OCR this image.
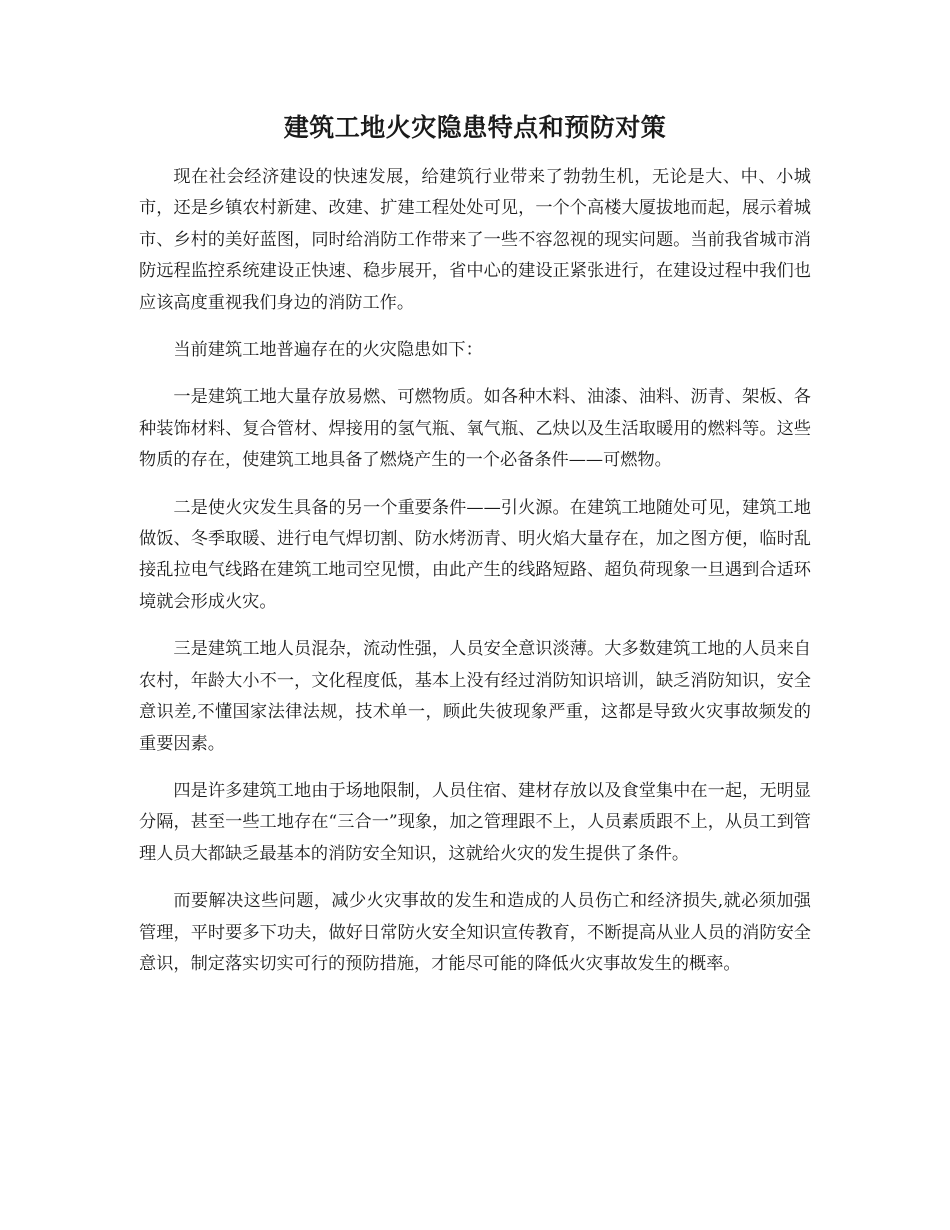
建筑工地火灾隐患特点和预防对策

现在社会经济建设的快速发展，给建筑行业带来了勃勃生机，无论是大、中、小城市，还是乡镇农村新建、改建、扩建工程处处可见，一个个高楼大厦拔地而起，展示着城市、乡村的美好蓝图，同时给消防工作带来了一些不容忽视的现实问题。当前我省城市消防远程监控系统建设正快速、稳步展开，省中心的建设正紧张进行，在建设过程中我们也应该高度重视我们身边的消防工作。

当前建筑工地普遍存在的火灾隐患如下：

一是建筑工地大量存放易燃、可燃物质。如各种木料、油漆、油料、沥青、架板、各种装饰材料、复合管材、焊接用的氢气瓶、氧气瓶、乙炔以及生活取暖用的燃料等。这些物质的存在，使建筑工地具备了燃烧产生的一个必备条件——可燃物。

二是使火灾发生具备的另一个重要条件——引火源。在建筑工地随处可见，建筑工地做饭、冬季取暖、进行电气焊切割、防水烤沥青、明火焰大量存在，加之图方便，临时乱接乱拉电气线路在建筑工地司空见惯，由此产生的线路短路、超负荷现象一旦遇到合适环境就会形成火灾。

三是建筑工地人员混杂，流动性强，人员安全意识淡薄。大多数建筑工地的人员来自农村，年龄大小不一，文化程度低，基本上没有经过消防知识培训，缺乏消防知识，安全意识差,不懂国家法律法规，技术单一，顾此失彼现象严重，这都是导致火灾事故频发的重要因素。

四是许多建筑工地由于场地限制，人员住宿、建材存放以及食堂集中在一起，无明显分隔，甚至一些工地存在“三合一”现象，加之管理跟不上，人员素质跟不上，从员工到管理人员大都缺乏最基本的消防安全知识，这就给火灾的发生提供了条件。

而要解决这些问题，减少火灾事故的发生和造成的人员伤亡和经济损失,就必须加强管理，平时要多下功夫，做好日常防火安全知识宣传教育，不断提高从业人员的消防安全意识，制定落实切实可行的预防措施，才能尽可能的降低火灾事故发生的概率。
